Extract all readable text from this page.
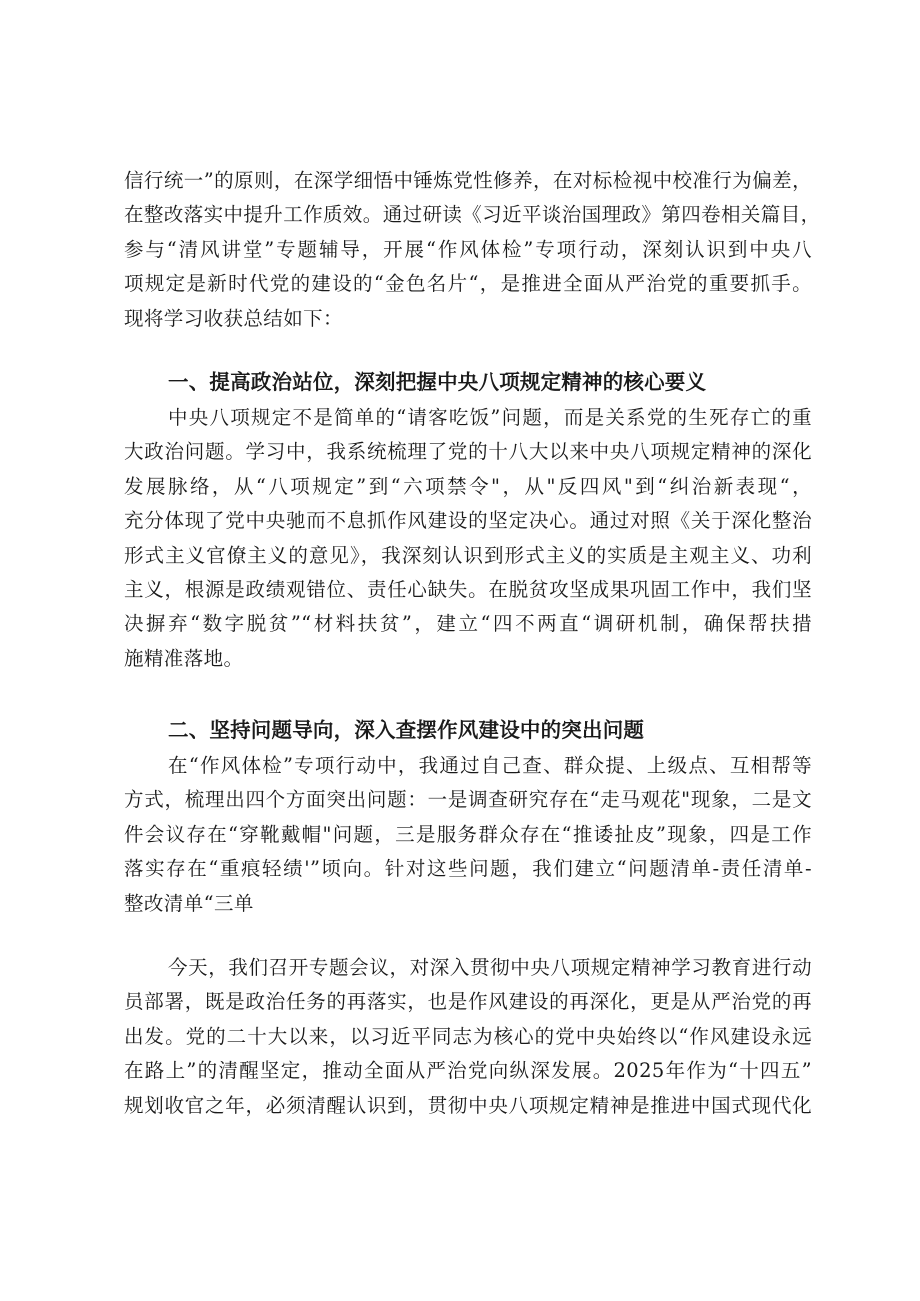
信行统一”的原则，在深学细悟中锤炼党性修养，在对标检视中校准行为偏差，
在整改落实中提升工作质效。通过研读《习近平谈治国理政》第四卷相关篇目，
参与“清风讲堂”专题辅导，开展“作风体检”专项行动，深刻认识到中央八
项规定是新时代党的建设的“金色名片“，是推进全面从严治党的重要抓手。
现将学习收获总结如下：
一、提高政治站位，深刻把握中央八项规定精神的核心要义
中央八项规定不是简单的“请客吃饭”问题，而是关系党的生死存亡的重
大政治问题。学习中，我系统梳理了党的十八大以来中央八项规定精神的深化
发展脉络，从“八项规定”到“六项禁令"，从"反四风"到“纠治新表现“，
充分体现了党中央驰而不息抓作风建设的坚定决心。通过对照《关于深化整治
形式主义官僚主义的意见》，我深刻认识到形式主义的实质是主观主义、功利
主义，根源是政绩观错位、责任心缺失。在脱贫攻坚成果巩固工作中，我们坚
决摒弃“数字脱贫”“材料扶贫”，建立“四不两直“调研机制，确保帮扶措
施精准落地。
二、坚持问题导向，深入查摆作风建设中的突出问题
在“作风体检”专项行动中，我通过自己查、群众提、上级点、互相帮等
方式，梳理出四个方面突出问题：一是调查研究存在“走马观花"现象，二是文
件会议存在“穿靴戴帽"问题，三是服务群众存在“推诿扯皮”现象，四是工作
落实存在“重痕轻绩'”顷向。针对这些问题，我们建立“问题清单-责任清单-
整改清单“三单
今天，我们召开专题会议，对深入贯彻中央八项规定精神学习教育进行动
员部署，既是政治任务的再落实，也是作风建设的再深化，更是从严治党的再
出发。党的二十大以来，以习近平同志为核心的党中央始终以“作风建设永远
在路上”的清醒坚定，推动全面从严治党向纵深发展。2025年作为“十四五”
规划收官之年，必须清醒认识到，贯彻中央八项规定精神是推进中国式现代化
